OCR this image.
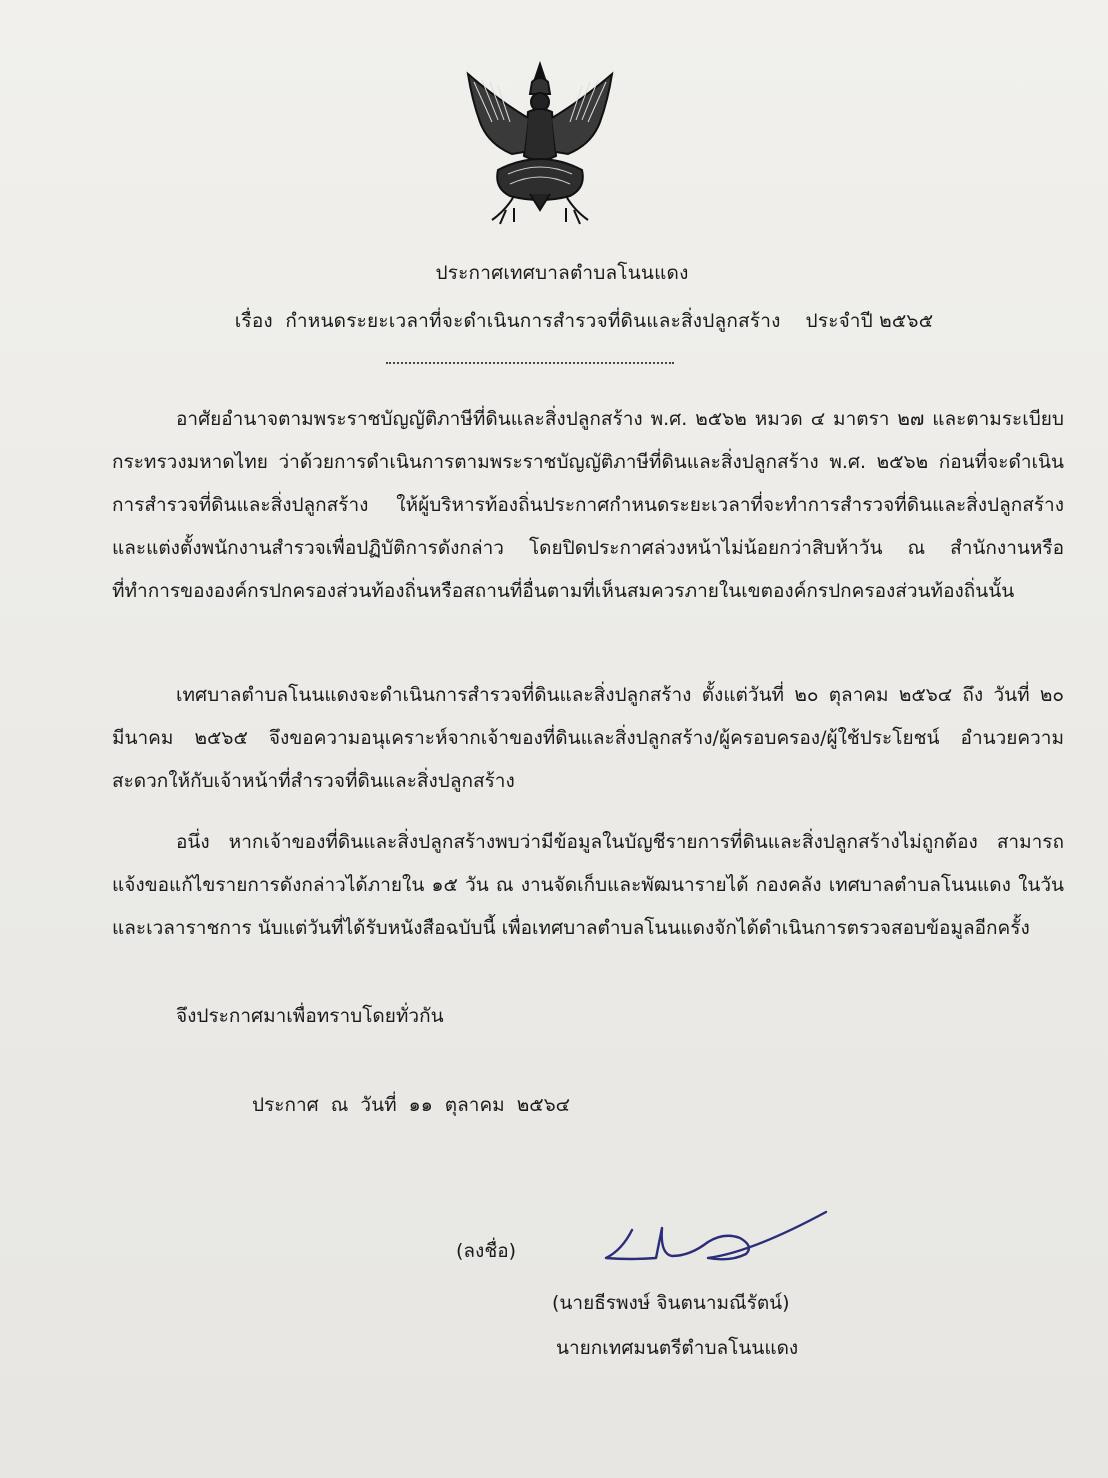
ประกาศเทศบาลตำบลโนนแดง
เรื่อง  กำหนดระยะเวลาที่จะดำเนินการสำรวจที่ดินและสิ่งปลูกสร้าง    ประจำปี ๒๕๖๕
อาศัยอำนาจตามพระราชบัญญัติภาษีที่ดินและสิ่งปลูกสร้าง พ.ศ. ๒๕๖๒ หมวด ๔ มาตรา ๒๗ และตามระเบียบกระทรวงมหาดไทย ว่าด้วยการดำเนินการตามพระราชบัญญัติภาษีที่ดินและสิ่งปลูกสร้าง พ.ศ. ๒๕๖๒ ก่อนที่จะดำเนินการสำรวจที่ดินและสิ่งปลูกสร้าง ให้ผู้บริหารท้องถิ่นประกาศกำหนดระยะเวลาที่จะทำการสำรวจที่ดินและสิ่งปลูกสร้าง และแต่งตั้งพนักงานสำรวจเพื่อปฏิบัติการดังกล่าว โดยปิดประกาศล่วงหน้าไม่น้อยกว่าสิบห้าวัน ณ สำนักงานหรือที่ทำการขององค์กรปกครองส่วนท้องถิ่นหรือสถานที่อื่นตามที่เห็นสมควรภายในเขตองค์กรปกครองส่วนท้องถิ่นนั้น
เทศบาลตำบลโนนแดงจะดำเนินการสำรวจที่ดินและสิ่งปลูกสร้าง ตั้งแต่วันที่ ๒๐ ตุลาคม ๒๕๖๔ ถึง วันที่ ๒๐ มีนาคม ๒๕๖๕ จึงขอความอนุเคราะห์จากเจ้าของที่ดินและสิ่งปลูกสร้าง/ผู้ครอบครอง/ผู้ใช้ประโยชน์ อำนวยความสะดวกให้กับเจ้าหน้าที่สำรวจที่ดินและสิ่งปลูกสร้าง
อนึ่ง หากเจ้าของที่ดินและสิ่งปลูกสร้างพบว่ามีข้อมูลในบัญชีรายการที่ดินและสิ่งปลูกสร้างไม่ถูกต้อง สามารถแจ้งขอแก้ไขรายการดังกล่าวได้ภายใน ๑๕ วัน ณ งานจัดเก็บและพัฒนารายได้ กองคลัง เทศบาลตำบลโนนแดง ในวันและเวลาราชการ นับแต่วันที่ได้รับหนังสือฉบับนี้ เพื่อเทศบาลตำบลโนนแดงจักได้ดำเนินการตรวจสอบข้อมูลอีกครั้ง
จึงประกาศมาเพื่อทราบโดยทั่วกัน
ประกาศ ณ วันที่ ๑๑ ตุลาคม ๒๕๖๔
(ลงชื่อ)
(นายธีรพงษ์ จินตนามณีรัตน์)
นายกเทศมนตรีตำบลโนนแดง
